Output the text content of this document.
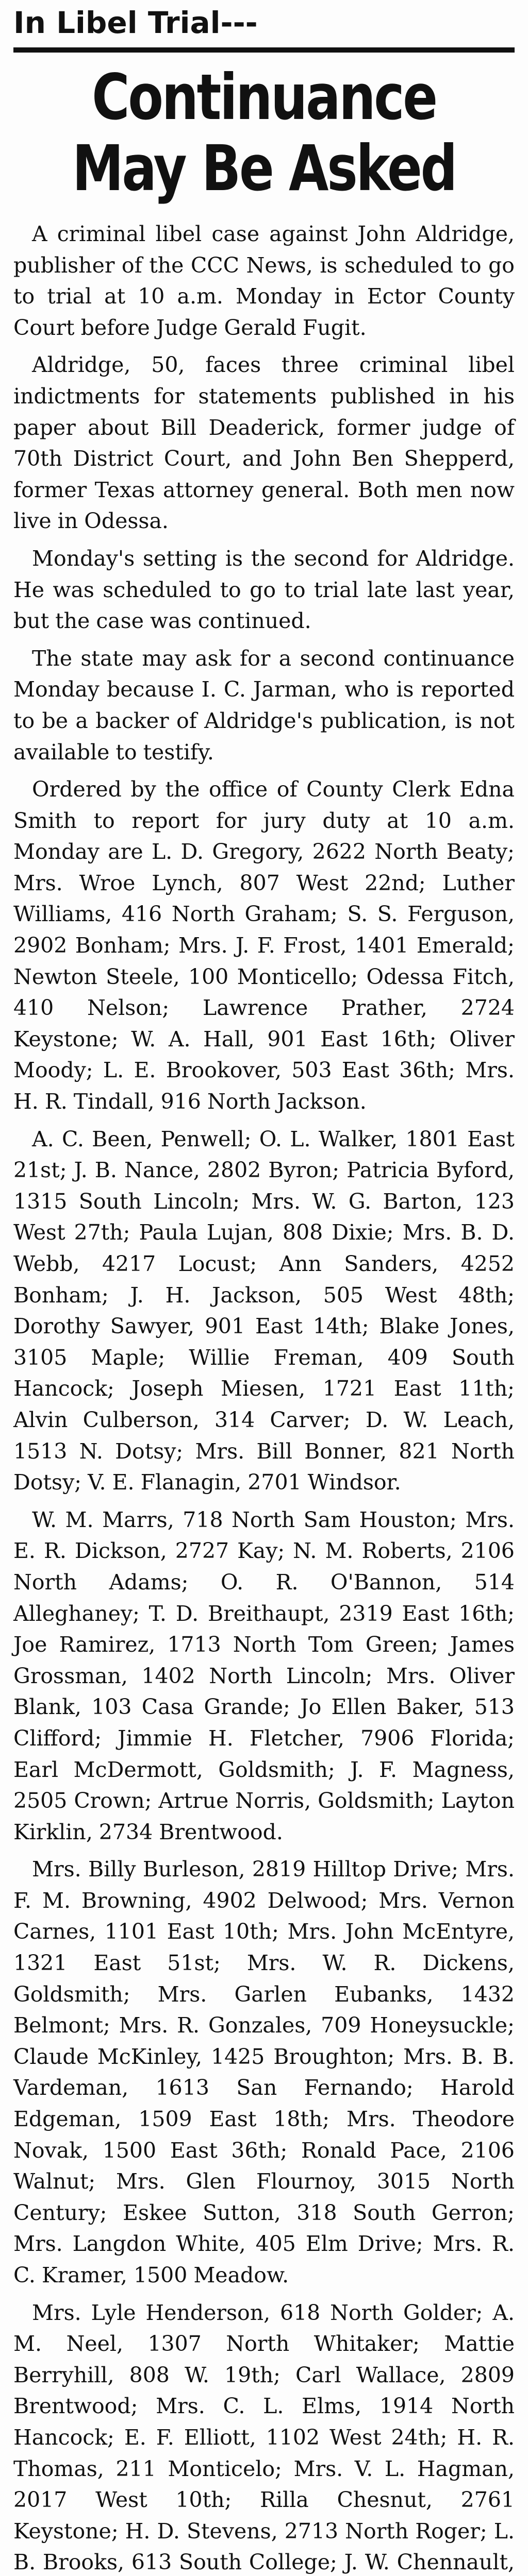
In Libel Trial---
Continuance
May Be Asked

A criminal libel case against John Aldridge, publisher of the CCC News, is scheduled to go to trial at 10 a.m. Monday in Ector County Court before Judge Gerald Fugit.

Aldridge, 50, faces three criminal libel indictments for statements published in his paper about Bill Deaderick, former judge of 70th District Court, and John Ben Shepperd, former Texas attorney general. Both men now live in Odessa.

Monday's setting is the second for Aldridge. He was scheduled to go to trial late last year, but the case was continued.

The state may ask for a second continuance Monday because I. C. Jarman, who is reported to be a backer of Aldridge's publication, is not available to testify.

Ordered by the office of County Clerk Edna Smith to report for jury duty at 10 a.m. Monday are L. D. Gregory, 2622 North Beaty; Mrs. Wroe Lynch, 807 West 22nd; Luther Williams, 416 North Graham; S. S. Ferguson, 2902 Bonham; Mrs. J. F. Frost, 1401 Emerald; Newton Steele, 100 Monticello; Odessa Fitch, 410 Nelson; Lawrence Prather, 2724 Keystone; W. A. Hall, 901 East 16th; Oliver Moody; L. E. Brookover, 503 East 36th; Mrs. H. R. Tindall, 916 North Jackson.

A. C. Been, Penwell; O. L. Walker, 1801 East 21st; J. B. Nance, 2802 Byron; Patricia Byford, 1315 South Lincoln; Mrs. W. G. Barton, 123 West 27th; Paula Lujan, 808 Dixie; Mrs. B. D. Webb, 4217 Locust; Ann Sanders, 4252 Bonham; J. H. Jackson, 505 West 48th; Dorothy Sawyer, 901 East 14th; Blake Jones, 3105 Maple; Willie Freman, 409 South Hancock; Joseph Miesen, 1721 East 11th; Alvin Culberson, 314 Carver; D. W. Leach, 1513 N. Dotsy; Mrs. Bill Bonner, 821 North Dotsy; V. E. Flanagin, 2701 Windsor.

W. M. Marrs, 718 North Sam Houston; Mrs. E. R. Dickson, 2727 Kay; N. M. Roberts, 2106 North Adams; O. R. O'Bannon, 514 Alleghaney; T. D. Breithaupt, 2319 East 16th; Joe Ramirez, 1713 North Tom Green; James Grossman, 1402 North Lincoln; Mrs. Oliver Blank, 103 Casa Grande; Jo Ellen Baker, 513 Clifford; Jimmie H. Fletcher, 7906 Florida; Earl McDermott, Goldsmith; J. F. Magness, 2505 Crown; Artrue Norris, Goldsmith; Layton Kirklin, 2734 Brentwood.

Mrs. Billy Burleson, 2819 Hilltop Drive; Mrs. F. M. Browning, 4902 Delwood; Mrs. Vernon Carnes, 1101 East 10th; Mrs. John McEntyre, 1321 East 51st; Mrs. W. R. Dickens, Goldsmith; Mrs. Garlen Eubanks, 1432 Belmont; Mrs. R. Gonzales, 709 Honeysuckle; Claude McKinley, 1425 Broughton; Mrs. B. B. Vardeman, 1613 San Fernando; Harold Edgeman, 1509 East 18th; Mrs. Theodore Novak, 1500 East 36th; Ronald Pace, 2106 Walnut; Mrs. Glen Flournoy, 3015 North Century; Eskee Sutton, 318 South Gerron; Mrs. Langdon White, 405 Elm Drive; Mrs. R. C. Kramer, 1500 Meadow.

Mrs. Lyle Henderson, 618 North Golder; A. M. Neel, 1307 North Whitaker; Mattie Berryhill, 808 W. 19th; Carl Wallace, 2809 Brentwood; Mrs. C. L. Elms, 1914 North Hancock; E. F. Elliott, 1102 West 24th; H. R. Thomas, 211 Monticelo; Mrs. V. L. Hagman, 2017 West 10th; Rilla Chesnut, 2761 Keystone; H. D. Stevens, 2713 North Roger; L. B. Brooks, 613 South College; J. W. Chennault,
